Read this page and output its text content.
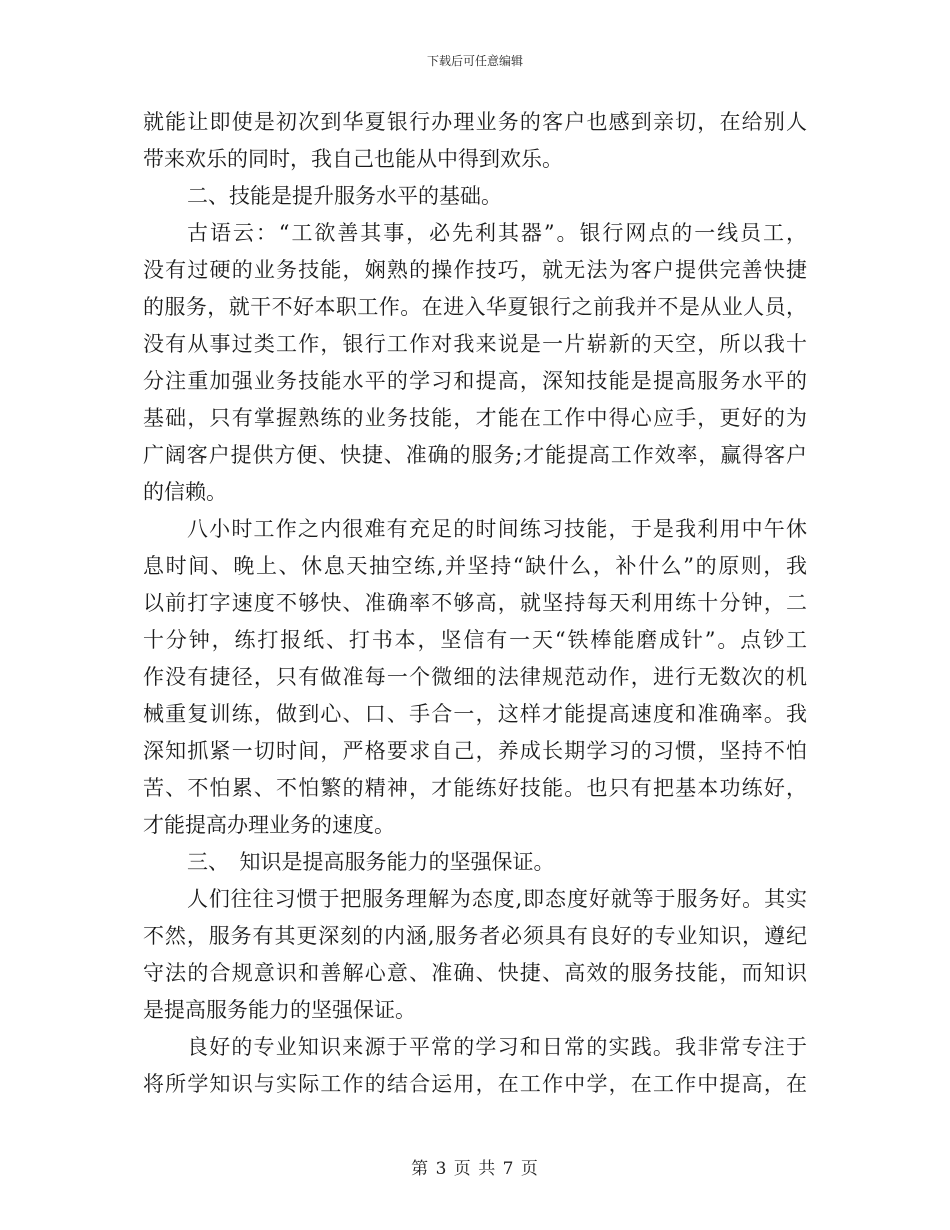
下载后可任意编辑
就能让即使是初次到华夏银行办理业务的客户也感到亲切，在给别人
带来欢乐的同时，我自己也能从中得到欢乐。
二、技能是提升服务水平的基础。
古语云：“工欲善其事，必先利其器”。银行网点的一线员工，
没有过硬的业务技能，娴熟的操作技巧，就无法为客户提供完善快捷
的服务，就干不好本职工作。在进入华夏银行之前我并不是从业人员，
没有从事过类工作，银行工作对我来说是一片崭新的天空，所以我十
分注重加强业务技能水平的学习和提高，深知技能是提高服务水平的
基础，只有掌握熟练的业务技能，才能在工作中得心应手，更好的为
广阔客户提供方便、快捷、准确的服务;才能提高工作效率，赢得客户
的信赖。
八小时工作之内很难有充足的时间练习技能，于是我利用中午休
息时间、晚上、休息天抽空练,并坚持“缺什么，补什么”的原则，我
以前打字速度不够快、准确率不够高，就坚持每天利用练十分钟，二
十分钟，练打报纸、打书本，坚信有一天“铁棒能磨成针”。点钞工
作没有捷径，只有做准每一个微细的法律规范动作，进行无数次的机
械重复训练，做到心、口、手合一，这样才能提高速度和准确率。我
深知抓紧一切时间，严格要求自己，养成长期学习的习惯，坚持不怕
苦、不怕累、不怕繁的精神，才能练好技能。也只有把基本功练好，
才能提高办理业务的速度。
三、　知识是提高服务能力的坚强保证。
人们往往习惯于把服务理解为态度,即态度好就等于服务好。其实
不然，服务有其更深刻的内涵,服务者必须具有良好的专业知识，遵纪
守法的合规意识和善解心意、准确、快捷、高效的服务技能，而知识
是提高服务能力的坚强保证。
良好的专业知识来源于平常的学习和日常的实践。我非常专注于
将所学知识与实际工作的结合运用，在工作中学，在工作中提高，在
第 3 页 共 7 页
